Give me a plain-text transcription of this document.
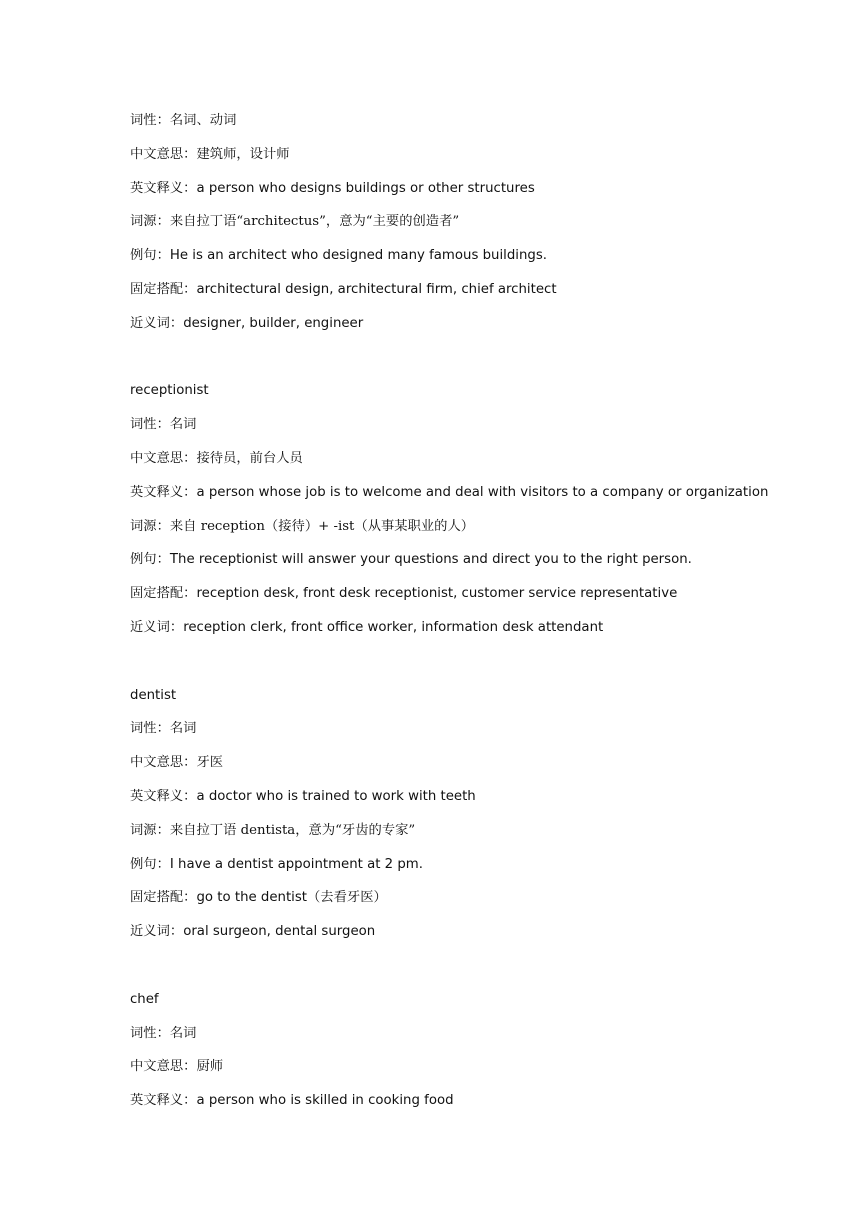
词性：名词、动词
中文意思：建筑师，设计师
英文释义：a person who designs buildings or other structures
词源：来自拉丁语“architectus”，意为“主要的创造者”
例句：He is an architect who designed many famous buildings.
固定搭配：architectural design, architectural firm, chief architect
近义词：designer, builder, engineer
receptionist
词性：名词
中文意思：接待员，前台人员
英文释义：a person whose job is to welcome and deal with visitors to a company or organization
词源：来自 reception（接待）+ -ist（从事某职业的人）
例句：The receptionist will answer your questions and direct you to the right person.
固定搭配：reception desk, front desk receptionist, customer service representative
近义词：reception clerk, front office worker, information desk attendant
dentist
词性：名词
中文意思：牙医
英文释义：a doctor who is trained to work with teeth
词源：来自拉丁语 dentista，意为“牙齿的专家”
例句：I have a dentist appointment at 2 pm.
固定搭配：go to the dentist（去看牙医）
近义词：oral surgeon, dental surgeon
chef
词性：名词
中文意思：厨师
英文释义：a person who is skilled in cooking food
